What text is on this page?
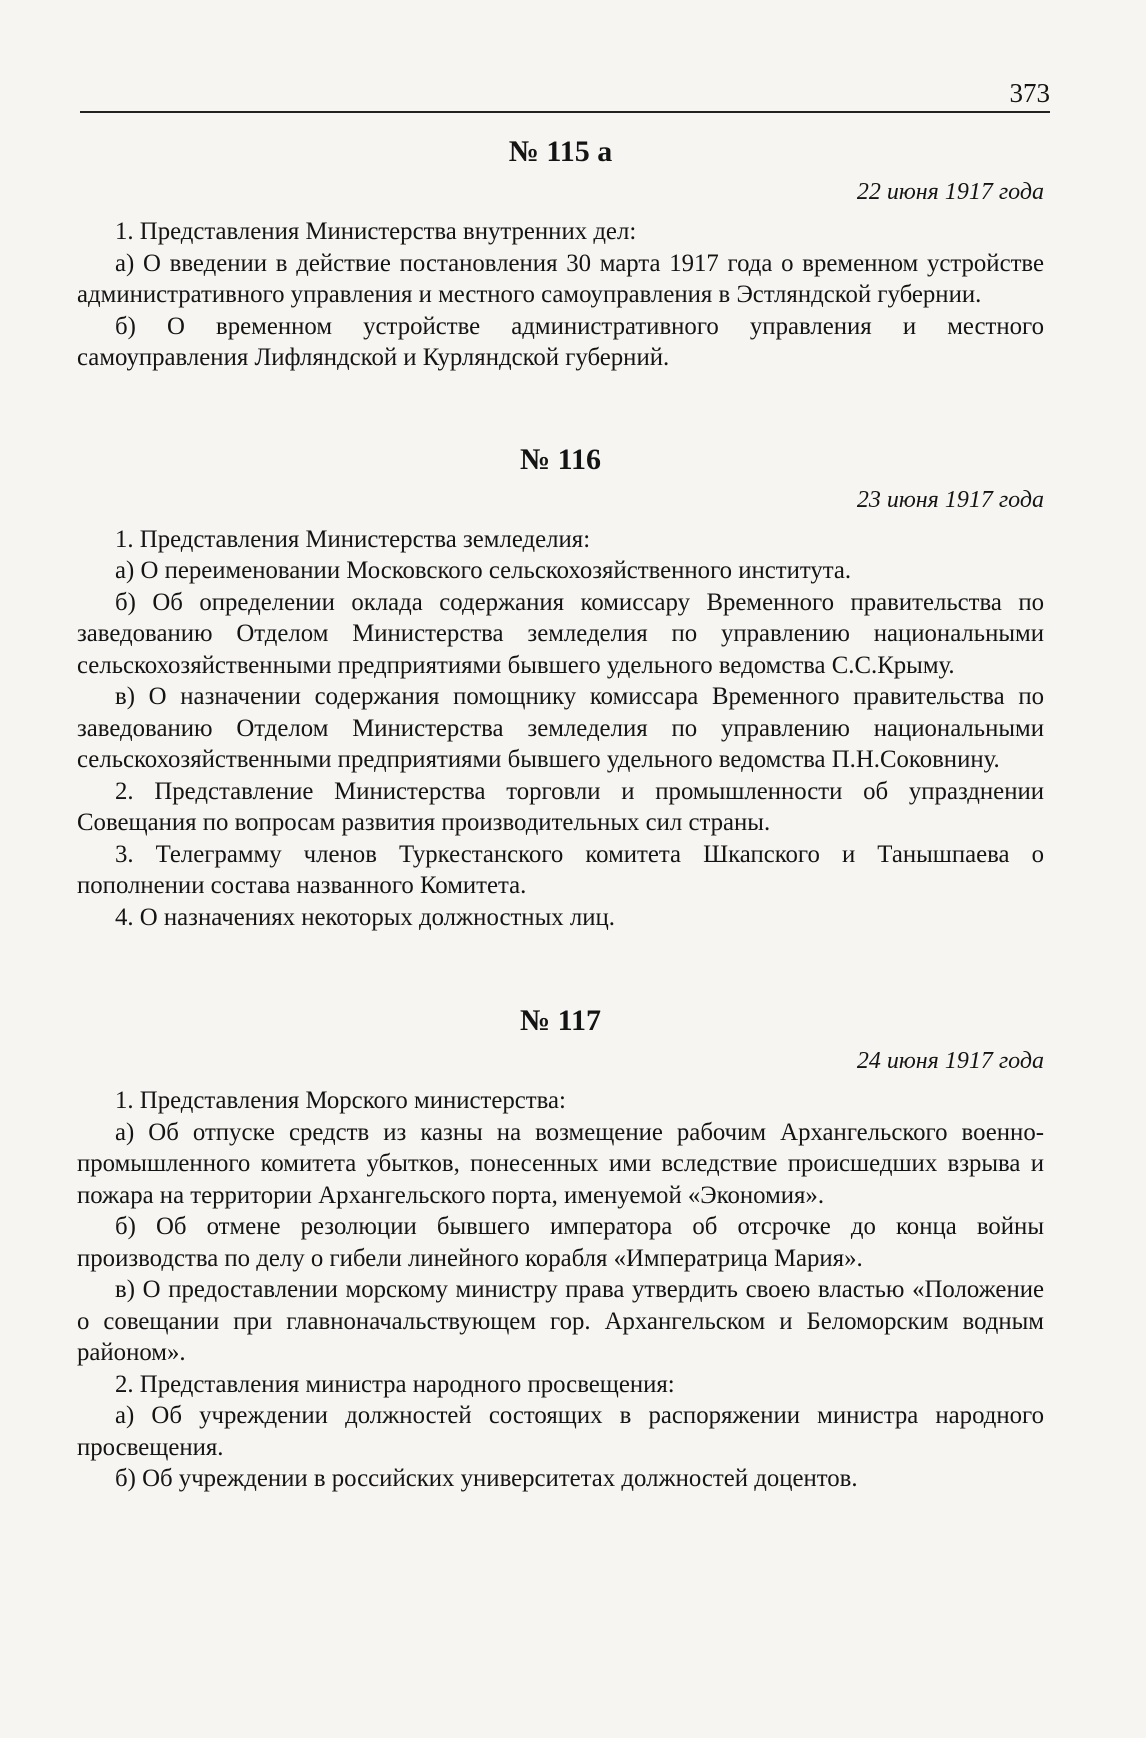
373
№ 115 а
22 июня 1917 года

1. Представления Министерства внутренних дел:

а) О введении в действие постановления 30 марта 1917 года о временном устройстве административного управления и местного самоуправления в Эстляндской губернии.

б) О временном устройстве административного управления и местного самоуправления Лифляндской и Курляндской губерний.

№ 116
23 июня 1917 года

1. Представления Министерства земледелия:

а) О переименовании Московского сельскохозяйственного института.

б) Об определении оклада содержания комиссару Временного правительства по заведованию Отделом Министерства земледелия по управлению национальными сельскохозяйственными предприятиями бывшего удельного ведомства С.С.Крыму.

в) О назначении содержания помощнику комиссара Временного правительства по заведованию Отделом Министерства земледелия по управлению национальными сельскохозяйственными предприятиями бывшего удельного ведомства П.Н.Соковнину.

2. Представление Министерства торговли и промышленности об упразднении Совещания по вопросам развития производительных сил страны.

3. Телеграмму членов Туркестанского комитета Шкапского и Танышпаева о пополнении состава названного Комитета.

4. О назначениях некоторых должностных лиц.

№ 117
24 июня 1917 года

1. Представления Морского министерства:

а) Об отпуске средств из казны на возмещение рабочим Архангельского военно-промышленного комитета убытков, понесенных ими вследствие происшедших взрыва и пожара на территории Архангельского порта, именуемой «Экономия».

б) Об отмене резолюции бывшего императора об отсрочке до конца войны производства по делу о гибели линейного корабля «Императрица Мария».

в) О предоставлении морскому министру права утвердить своею властью «Положение о совещании при главноначальствующем гор. Архангельском и Беломорским водным районом».

2. Представления министра народного просвещения:

а) Об учреждении должностей состоящих в распоряжении министра народного просвещения.

б) Об учреждении в российских университетах должностей доцентов.
